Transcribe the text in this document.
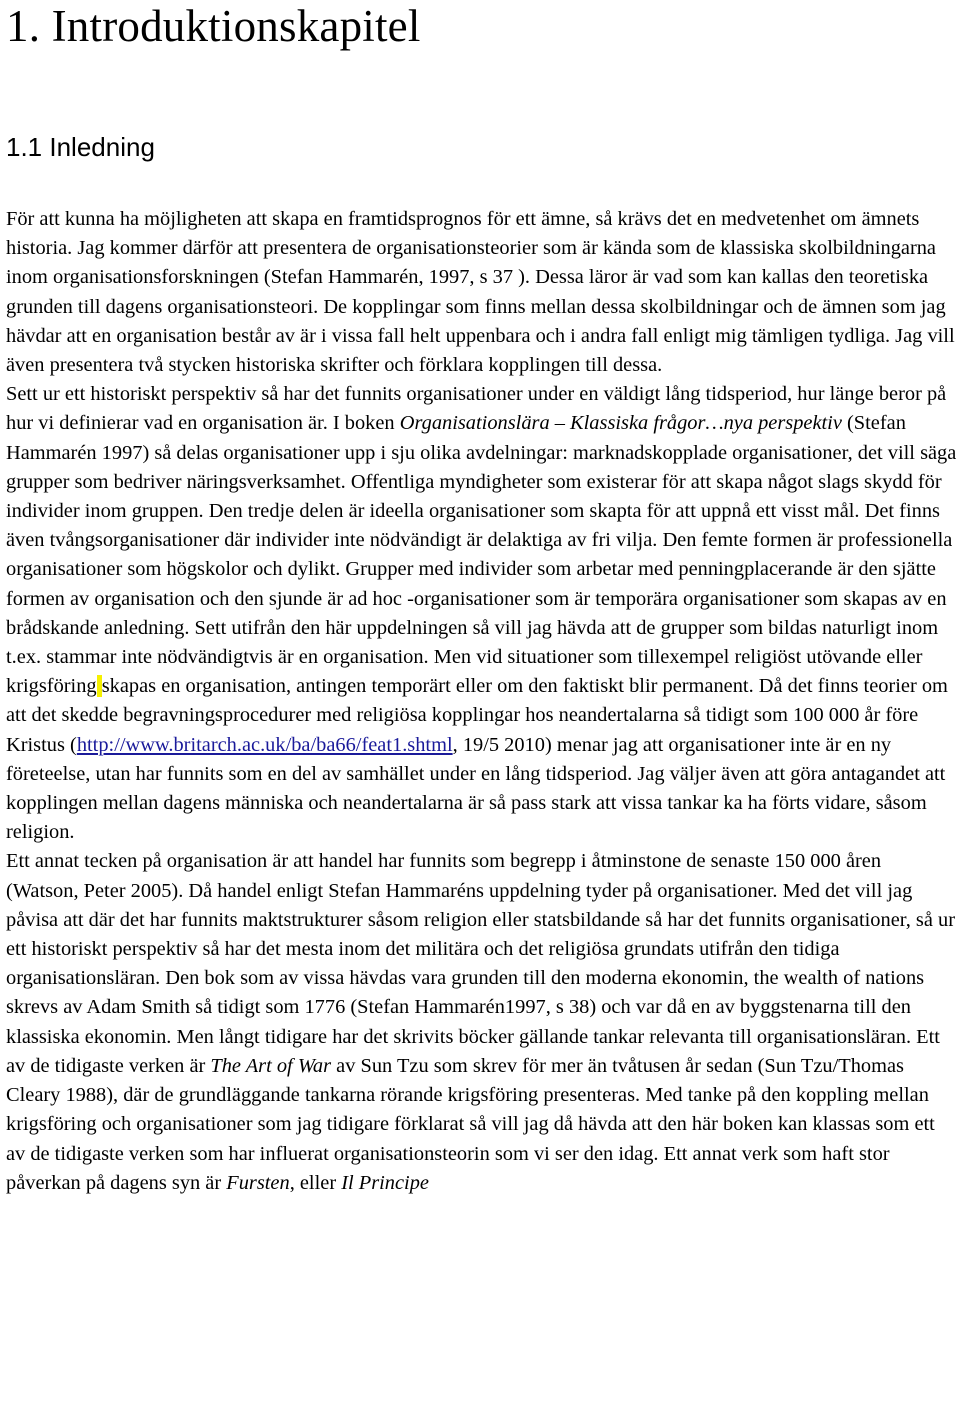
1. Introduktionskapitel
1.1 Inledning

För att kunna ha möjligheten att skapa en framtidsprognos för ett ämne, så krävs det en medvetenhet om ämnets historia. Jag kommer därför att presentera de organisationsteorier som är kända som de klassiska skolbildningarna inom organisationsforskningen (Stefan Hammarén, 1997, s 37 ). Dessa läror är vad som kan kallas den teoretiska grunden till dagens organisationsteori. De kopplingar som finns mellan dessa skolbildningar och de ämnen som jag hävdar att en organisation består av är i vissa fall helt uppenbara och i andra fall enligt mig tämligen tydliga. Jag vill även presentera två stycken historiska skrifter och förklara kopplingen till dessa.

Sett ur ett historiskt perspektiv så har det funnits organisationer under en väldigt lång tidsperiod, hur länge beror på hur vi definierar vad en organisation är. I boken Organisationslära – Klassiska frågor…nya perspektiv (Stefan Hammarén 1997) så delas organisationer upp i sju olika avdelningar: marknadskopplade organisationer, det vill säga grupper som bedriver näringsverksamhet. Offentliga myndigheter som existerar för att skapa något slags skydd för individer inom gruppen. Den tredje delen är ideella organisationer som skapta för att uppnå ett visst mål. Det finns även tvångsorganisationer där individer inte nödvändigt är delaktiga av fri vilja. Den femte formen är professionella organisationer som högskolor och dylikt. Grupper med individer som arbetar med penningplacerande är den sjätte formen av organisation och den sjunde är ad hoc -organisationer som är temporära organisationer som skapas av en brådskande anledning. Sett utifrån den här uppdelningen så vill jag hävda att de grupper som bildas naturligt inom t.ex. stammar inte nödvändigtvis är en organisation. Men vid situationer som tillexempel religiöst utövande eller krigsföring skapas en organisation, antingen temporärt eller om den faktiskt blir permanent. Då det finns teorier om att det skedde begravningsprocedurer med religiösa kopplingar hos neandertalarna så tidigt som 100 000 år före Kristus (http://www.britarch.ac.uk/ba/ba66/feat1.shtml, 19/5 2010) menar jag att organisationer inte är en ny företeelse, utan har funnits som en del av samhället under en lång tidsperiod. Jag väljer även att göra antagandet att kopplingen mellan dagens människa och neandertalarna är så pass stark att vissa tankar ka ha förts vidare, såsom religion.

Ett annat tecken på organisation är att handel har funnits som begrepp i åtminstone de senaste 150 000 åren (Watson, Peter 2005). Då handel enligt Stefan Hammaréns uppdelning tyder på organisationer. Med det vill jag påvisa att där det har funnits maktstrukturer såsom religion eller statsbildande så har det funnits organisationer, så ur ett historiskt perspektiv så har det mesta inom det militära och det religiösa grundats utifrån den tidiga organisationsläran. Den bok som av vissa hävdas vara grunden till den moderna ekonomin, the wealth of nations skrevs av Adam Smith så tidigt som 1776 (Stefan Hammarén1997, s 38) och var då en av byggstenarna till den klassiska ekonomin. Men långt tidigare har det skrivits böcker gällande tankar relevanta till organisationsläran. Ett av de tidigaste verken är The Art of War av Sun Tzu som skrev för mer än tvåtusen år sedan (Sun Tzu/Thomas Cleary 1988), där de grundläggande tankarna rörande krigsföring presenteras. Med tanke på den koppling mellan krigsföring och organisationer som jag tidigare förklarat så vill jag då hävda att den här boken kan klassas som ett av de tidigaste verken som har influerat organisationsteorin som vi ser den idag. Ett annat verk som haft stor påverkan på dagens syn är Fursten, eller Il Principe
